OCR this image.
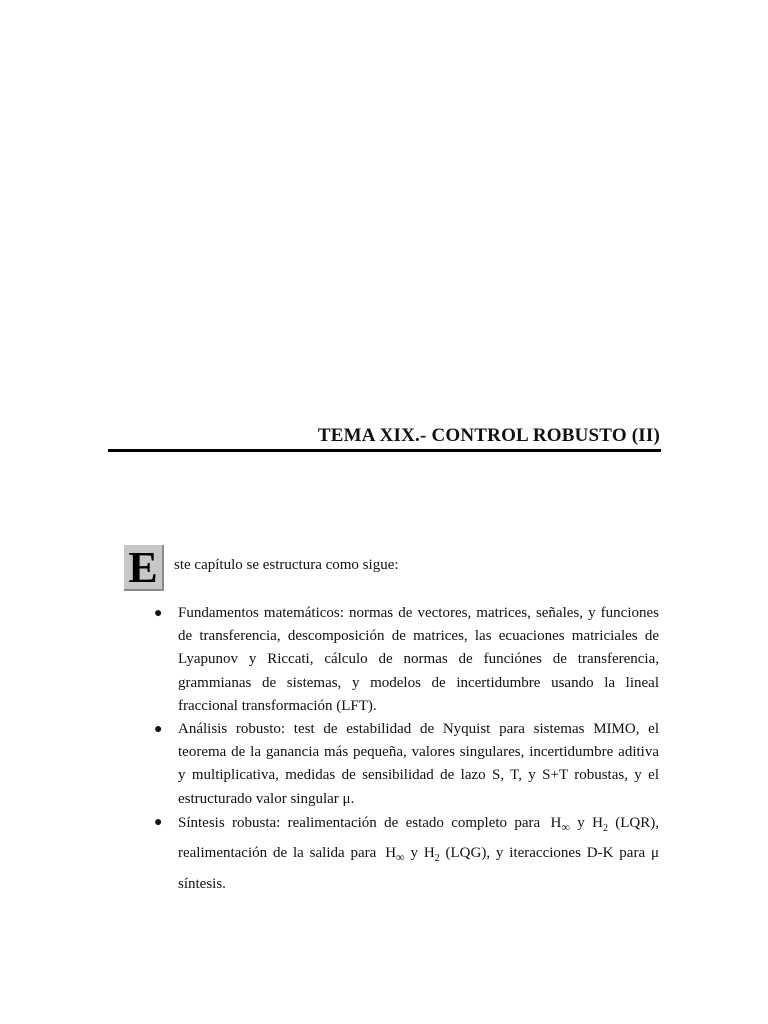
TEMA XIX.- CONTROL ROBUSTO (II)
E	ste capítulo se estructura como sigue:
● Fundamentos matemáticos: normas de vectores, matrices, señales, y funciones de transferencia, descomposición de matrices, las ecuaciones matriciales de Lyapunov y Riccati, cálculo de normas de funciónes de transferencia, grammianas de sistemas, y modelos de incertidumbre usando la lineal fraccional transformación (LFT).
● Análisis robusto: test de estabilidad de Nyquist para sistemas MIMO, el teorema de la ganancia más pequeña, valores singulares, incertidumbre aditiva y multiplicativa, medidas de sensibilidad de lazo S, T, y S+T robustas, y el estructurado valor singular μ.
● Síntesis robusta: realimentación de estado completo para $H_\infty$ y $H_2$ (LQR), realimentación de la salida para $H_\infty$ y $H_2$ (LQG), y iteracciones D-K para μ síntesis.
